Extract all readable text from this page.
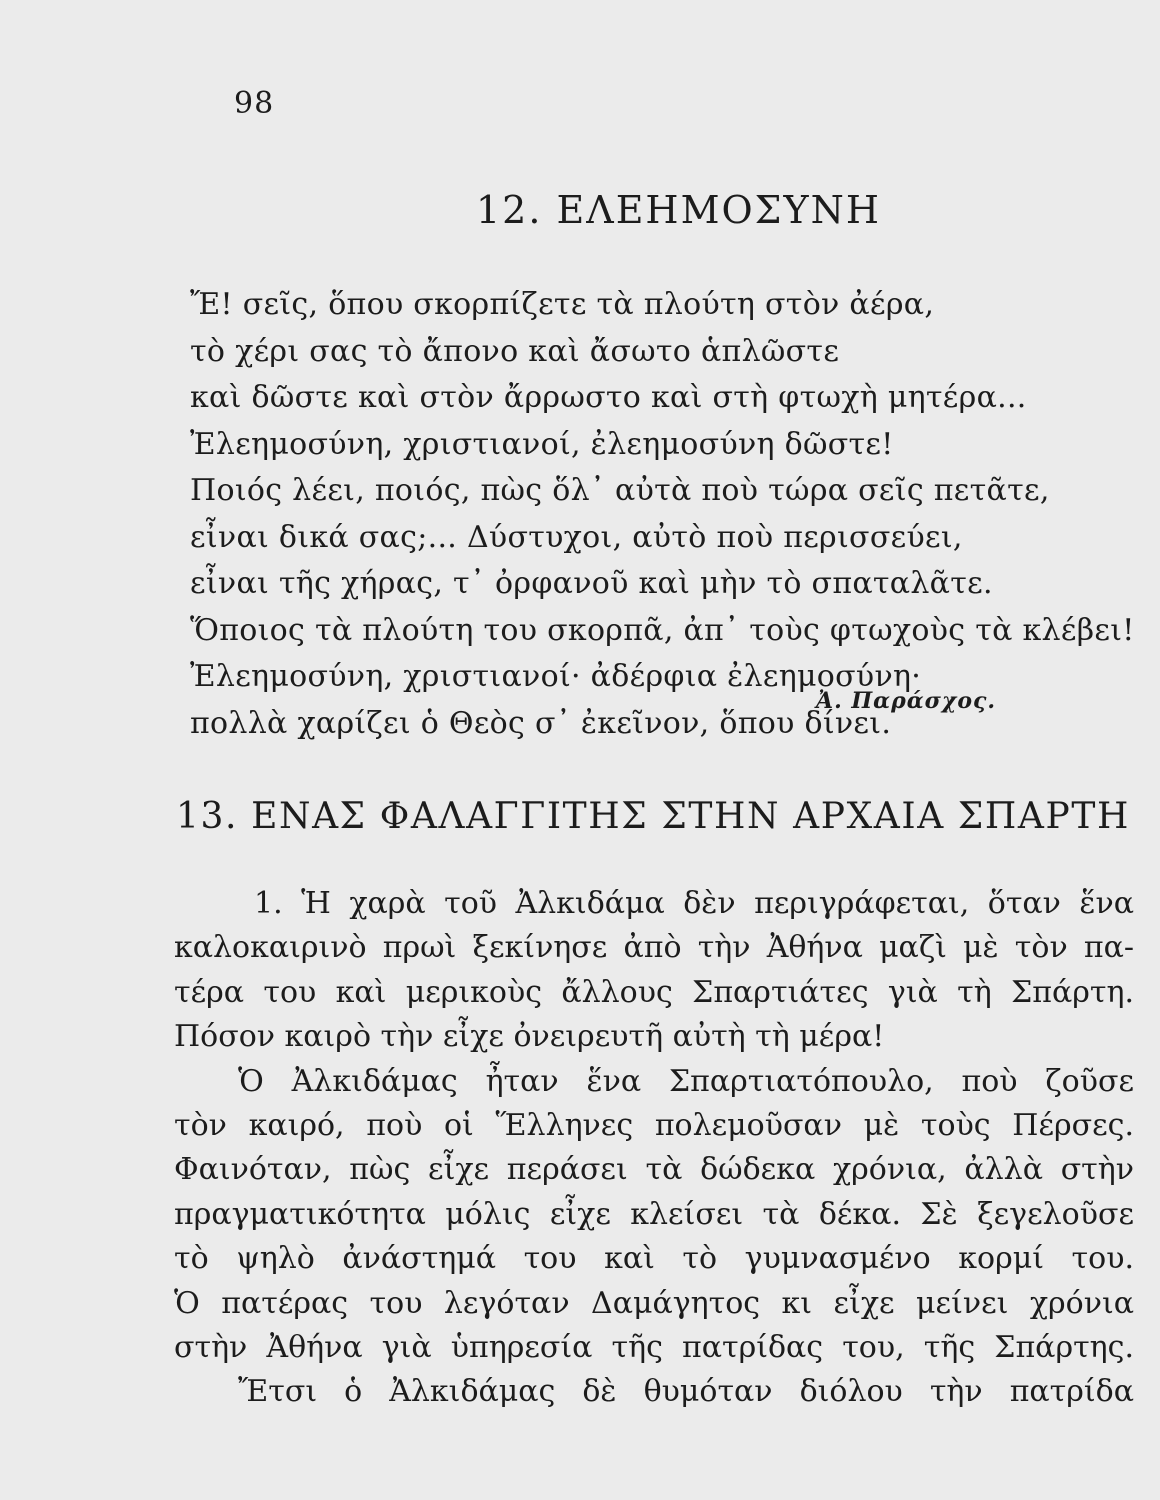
98
12. ΕΛΕΗΜΟΣΥΝΗ
Ἔ! σεῖς, ὅπου σκορπίζετε τὰ πλούτη στὸν ἀέρα,
τὸ χέρι σας τὸ ἄπονο καὶ ἄσωτο ἁπλῶστε
καὶ δῶστε καὶ στὸν ἄρρωστο καὶ στὴ φτωχὴ μητέρα...
Ἐλεημοσύνη, χριστιανοί, ἐλεημοσύνη δῶστε!
Ποιός λέει, ποιός, πὼς ὅλ᾽ αὐτὰ ποὺ τώρα σεῖς πετᾶτε,
εἶναι δικά σας;... Δύστυχοι, αὐτὸ ποὺ περισσεύει,
εἶναι τῆς χήρας, τ᾽ ὀρφανοῦ καὶ μὴν τὸ σπαταλᾶτε.
Ὅποιος τὰ πλούτη του σκορπᾶ, ἀπ᾽ τοὺς φτωχοὺς τὰ κλέβει!
Ἐλεημοσύνη, χριστιανοί· ἀδέρφια ἐλεημοσύνη·
πολλὰ χαρίζει ὁ Θεὸς σ᾽ ἐκεῖνον, ὅπου δίνει.
Ἀ. Παράσχος.
13. ΕΝΑΣ ΦΑΛΑΓΓΙΤΗΣ ΣΤΗΝ ΑΡΧΑΙΑ ΣΠΑΡΤΗ
1. Ἡ χαρὰ τοῦ Ἀλκιδάμα δὲν περιγράφεται, ὅταν ἕνα
καλοκαιρινὸ πρωὶ ξεκίνησε ἀπὸ τὴν Ἀθήνα μαζὶ μὲ τὸν πα-
τέρα του καὶ μερικοὺς ἄλλους Σπαρτιάτες γιὰ τὴ Σπάρτη.
Πόσον καιρὸ τὴν εἶχε ὀνειρευτῆ αὐτὴ τὴ μέρα!
Ὁ Ἀλκιδάμας ἦταν ἕνα Σπαρτιατόπουλο, ποὺ ζοῦσε
τὸν καιρό, ποὺ οἱ Ἕλληνες πολεμοῦσαν μὲ τοὺς Πέρσες.
Φαινόταν, πὼς εἶχε περάσει τὰ δώδεκα χρόνια, ἀλλὰ στὴν
πραγματικότητα μόλις εἶχε κλείσει τὰ δέκα. Σὲ ξεγελοῦσε
τὸ ψηλὸ ἀνάστημά του καὶ τὸ γυμνασμένο κορμί του.
Ὁ πατέρας του λεγόταν Δαμάγητος κι εἶχε μείνει χρόνια
στὴν Ἀθήνα γιὰ ὑπηρεσία τῆς πατρίδας του, τῆς Σπάρτης.
Ἔτσι ὁ Ἀλκιδάμας δὲ θυμόταν διόλου τὴν πατρίδα
